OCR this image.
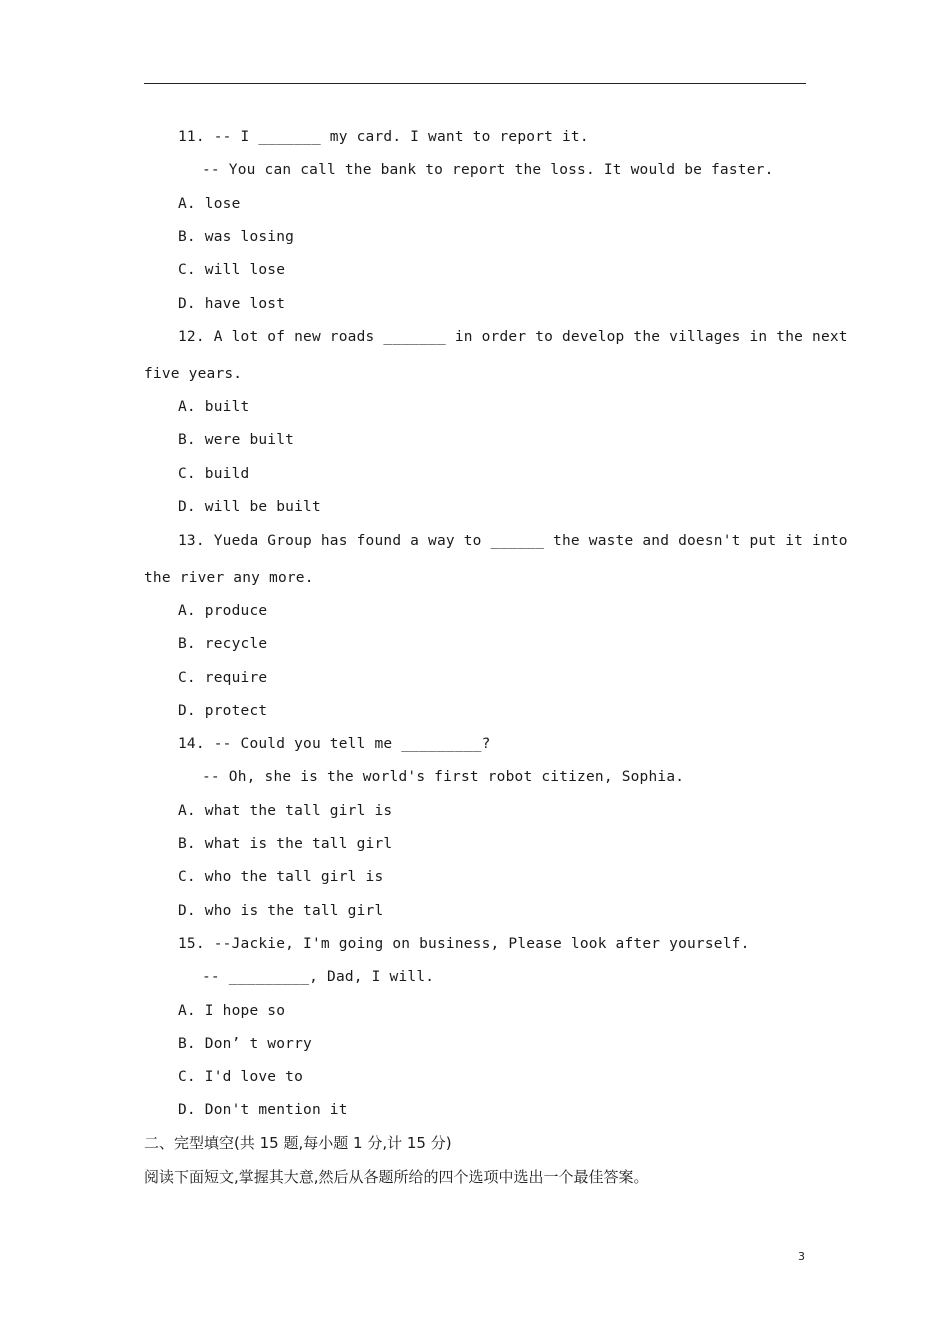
11. -- I _______ my card. I want to report it.
-- You can call the bank to report the loss. It would be faster.
A. lose
B. was losing
C. will lose
D. have lost
12. A lot of new roads _______ in order to develop the villages in the next
five years.
A. built
B. were built
C. build
D. will be built
13. Yueda Group has found a way to ______ the waste and doesn't put it into
the river any more.
A. produce
B. recycle
C. require
D. protect
14. -- Could you tell me _________?
-- Oh, she is the world's first robot citizen, Sophia.
A. what the tall girl is
B. what is the tall girl
C. who the tall girl is
D. who is the tall girl
15. --Jackie, I'm going on business, Please look after yourself.
-- _________, Dad, I will.
A. I hope so
B. Don’ t worry
C. I'd love to
D. Don't mention it
二、完型填空(共 15 题,每小题 1 分,计 15 分)
阅读下面短文,掌握其大意,然后从各题所给的四个选项中选出一个最佳答案。
3
